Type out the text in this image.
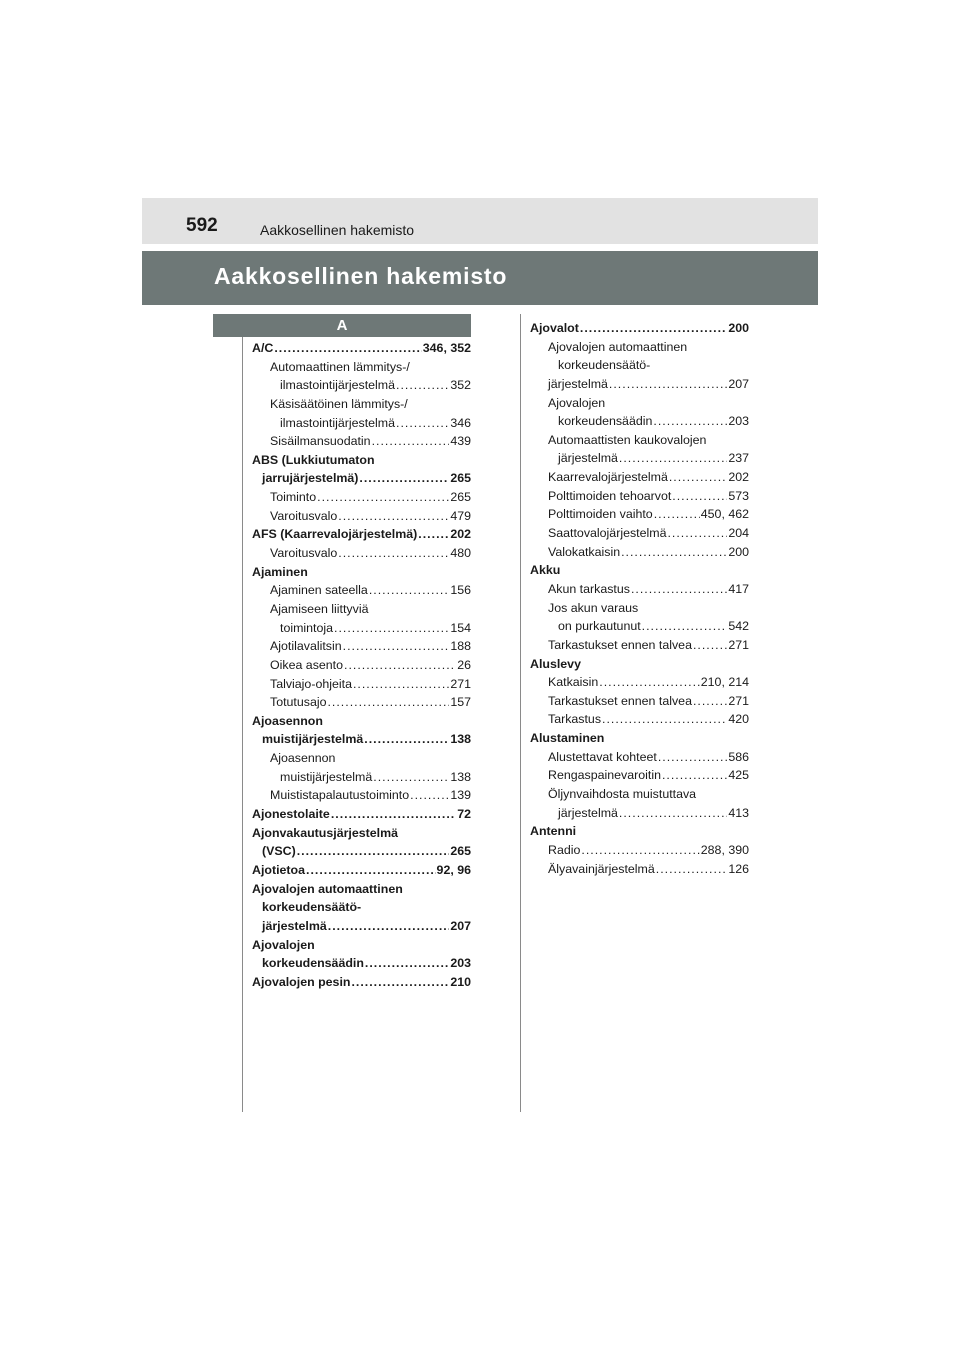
592	Aakkosellinen hakemisto
Aakkosellinen hakemisto
A
A/C .....	346, 352
Automaattinen lämmitys-/
ilmastointijärjestelmä .....	352
Käsisäätöinen lämmitys-/
ilmastointijärjestelmä .....	346
Sisäilmansuodatin .....	439
ABS (Lukkiutumaton
jarrujärjestelmä) .....	265
Toiminto .....	265
Varoitusvalo .....	479
AFS (Kaarrevalojärjestelmä) .....	202
Varoitusvalo .....	480
Ajaminen
Ajaminen sateella .....	156
Ajamiseen liittyviä
toimintoja .....	154
Ajotilavalitsin .....	188
Oikea asento .....	26
Talviajo-ohjeita .....	271
Totutusajo .....	157
Ajoasennon
muistijärjestelmä .....	138
Ajoasennon
muistijärjestelmä .....	138
Muististapalautustoiminto .....	139
Ajonestolaite .....	72
Ajonvakautusjärjestelmä
(VSC) .....	265
Ajotietoa .....	92, 96
Ajovalojen automaattinen
korkeudensäätö-
järjestelmä .....	207
Ajovalojen
korkeudensäädin .....	203
Ajovalojen pesin .....	210
Ajovalot .....	200
Ajovalojen automaattinen
korkeudensäätö-
järjestelmä .....	207
Ajovalojen
korkeudensäädin .....	203
Automaattisten kaukovalojen
järjestelmä .....	237
Kaarrevalojärjestelmä .....	202
Polttimoiden tehoarvot .....	573
Polttimoiden vaihto .....	450, 462
Saattovalojärjestelmä .....	204
Valokatkaisin .....	200
Akku
Akun tarkastus .....	417
Jos akun varaus
on purkautunut .....	542
Tarkastukset ennen talvea .....	271
Aluslevy
Katkaisin .....	210, 214
Tarkastukset ennen talvea .....	271
Tarkastus .....	420
Alustaminen
Alustettavat kohteet .....	586
Rengaspainevaroitin .....	425
Öljynvaihdosta muistuttava
järjestelmä .....	413
Antenni
Radio .....	288, 390
Älyavainjärjestelmä .....	126
